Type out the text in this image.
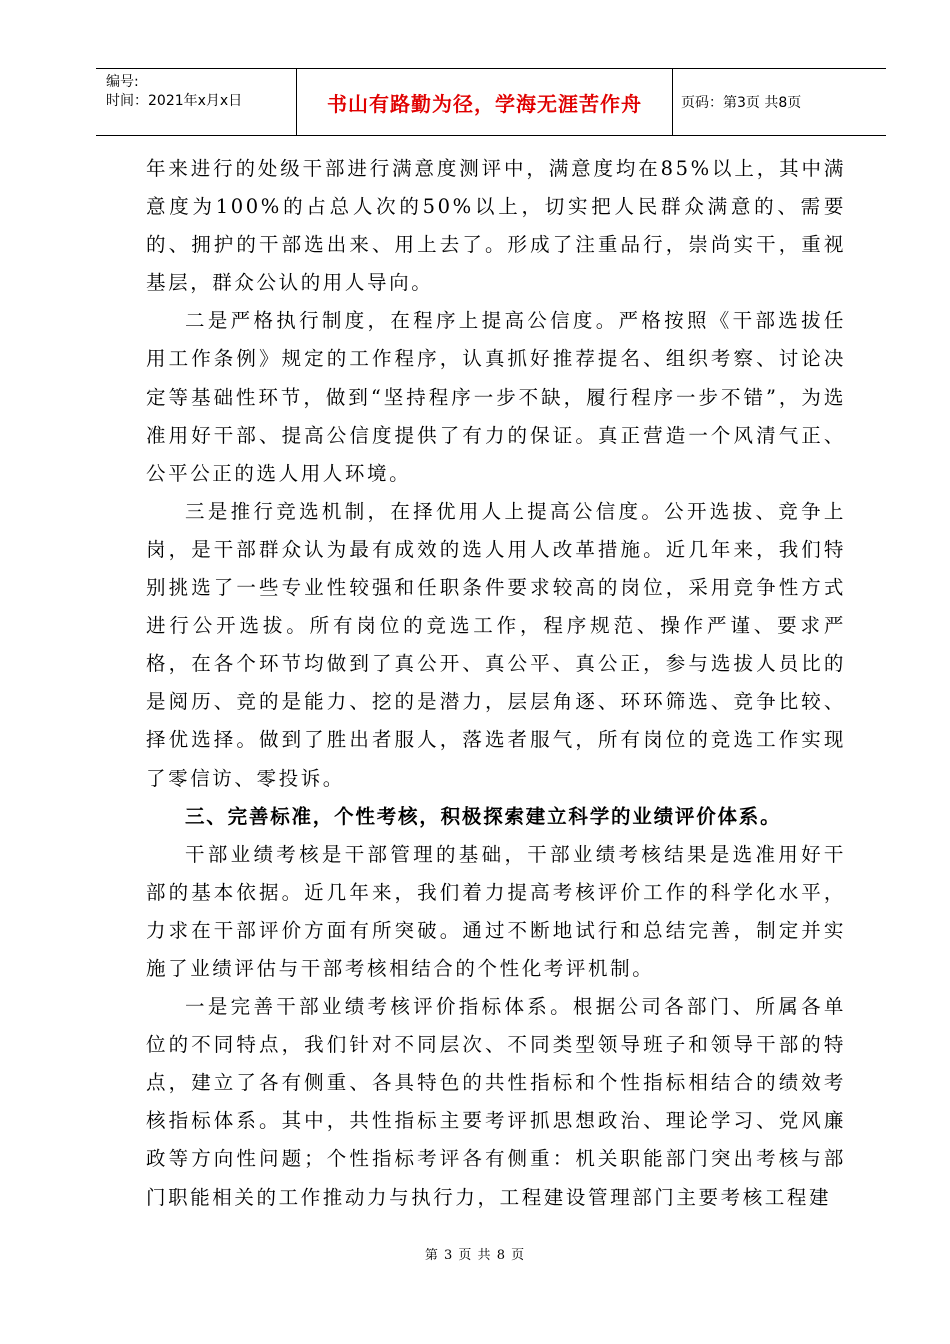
编号:
时间：2021年x月x日	书山有路勤为径，学海无涯苦作舟	页码：第3页 共8页

年来进行的处级干部进行满意度测评中，满意度均在85%以上，其中满意度为100%的占总人次的50%以上，切实把人民群众满意的、需要的、拥护的干部选出来、用上去了。形成了注重品行，崇尚实干，重视基层，群众公认的用人导向。

二是严格执行制度，在程序上提高公信度。严格按照《干部选拔任用工作条例》规定的工作程序，认真抓好推荐提名、组织考察、讨论决定等基础性环节，做到“坚持程序一步不缺，履行程序一步不错”，为选准用好干部、提高公信度提供了有力的保证。真正营造一个风清气正、公平公正的选人用人环境。

三是推行竞选机制，在择优用人上提高公信度。公开选拔、竞争上岗，是干部群众认为最有成效的选人用人改革措施。近几年来，我们特别挑选了一些专业性较强和任职条件要求较高的岗位，采用竞争性方式进行公开选拔。所有岗位的竞选工作，程序规范、操作严谨、要求严格，在各个环节均做到了真公开、真公平、真公正，参与选拔人员比的是阅历、竞的是能力、挖的是潜力，层层角逐、环环筛选、竞争比较、择优选择。做到了胜出者服人，落选者服气，所有岗位的竞选工作实现了零信访、零投诉。

三、完善标准，个性考核，积极探索建立科学的业绩评价体系。

干部业绩考核是干部管理的基础，干部业绩考核结果是选准用好干部的基本依据。近几年来，我们着力提高考核评价工作的科学化水平，力求在干部评价方面有所突破。通过不断地试行和总结完善，制定并实施了业绩评估与干部考核相结合的个性化考评机制。

一是完善干部业绩考核评价指标体系。根据公司各部门、所属各单位的不同特点，我们针对不同层次、不同类型领导班子和领导干部的特点，建立了各有侧重、各具特色的共性指标和个性指标相结合的绩效考核指标体系。其中，共性指标主要考评抓思想政治、理论学习、党风廉政等方向性问题；个性指标考评各有侧重：机关职能部门突出考核与部门职能相关的工作推动力与执行力，工程建设管理部门主要考核工程建

第 3 页 共 8 页
